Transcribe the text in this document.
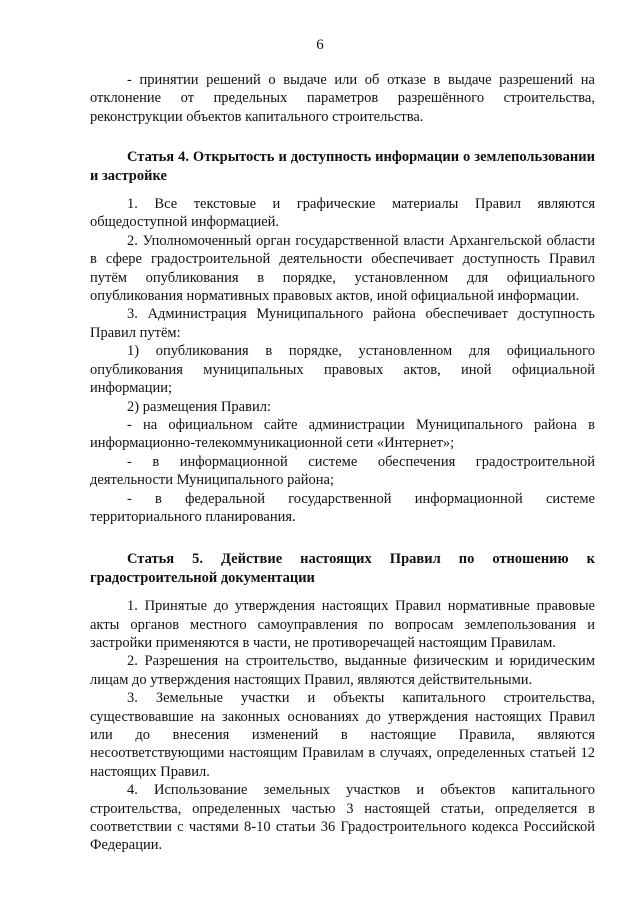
6

- принятии решений о выдаче или об отказе в выдаче разрешений на отклонение от предельных параметров разрешённого строительства, реконструкции объектов капитального строительства.

Статья 4. Открытость и доступность информации о землепользовании и застройке

1. Все текстовые и графические материалы Правил являются общедоступной информацией.

2. Уполномоченный орган государственной власти Архангельской области в сфере градостроительной деятельности обеспечивает доступность Правил путём опубликования в порядке, установленном для официального опубликования нормативных правовых актов, иной официальной информации.

3. Администрация Муниципального района обеспечивает доступность Правил путём:

1) опубликования в порядке, установленном для официального опубликования муниципальных правовых актов, иной официальной информации;

2) размещения Правил:

- на официальном сайте администрации Муниципального района в информационно-телекоммуникационной сети «Интернет»;

- в информационной системе обеспечения градостроительной деятельности Муниципального района;

- в федеральной государственной информационной системе территориального планирования.

Статья 5. Действие настоящих Правил по отношению к градостроительной документации

1. Принятые до утверждения настоящих Правил нормативные правовые акты органов местного самоуправления по вопросам землепользования и застройки применяются в части, не противоречащей настоящим Правилам.

2. Разрешения на строительство, выданные физическим и юридическим лицам до утверждения настоящих Правил, являются действительными.

3. Земельные участки и объекты капитального строительства, существовавшие на законных основаниях до утверждения настоящих Правил или до внесения изменений в настоящие Правила, являются несоответствующими настоящим Правилам в случаях, определенных статьей 12 настоящих Правил.

4. Использование земельных участков и объектов капитального строительства, определенных частью 3 настоящей статьи, определяется в соответствии с частями 8-10 статьи 36 Градостроительного кодекса Российской Федерации.
